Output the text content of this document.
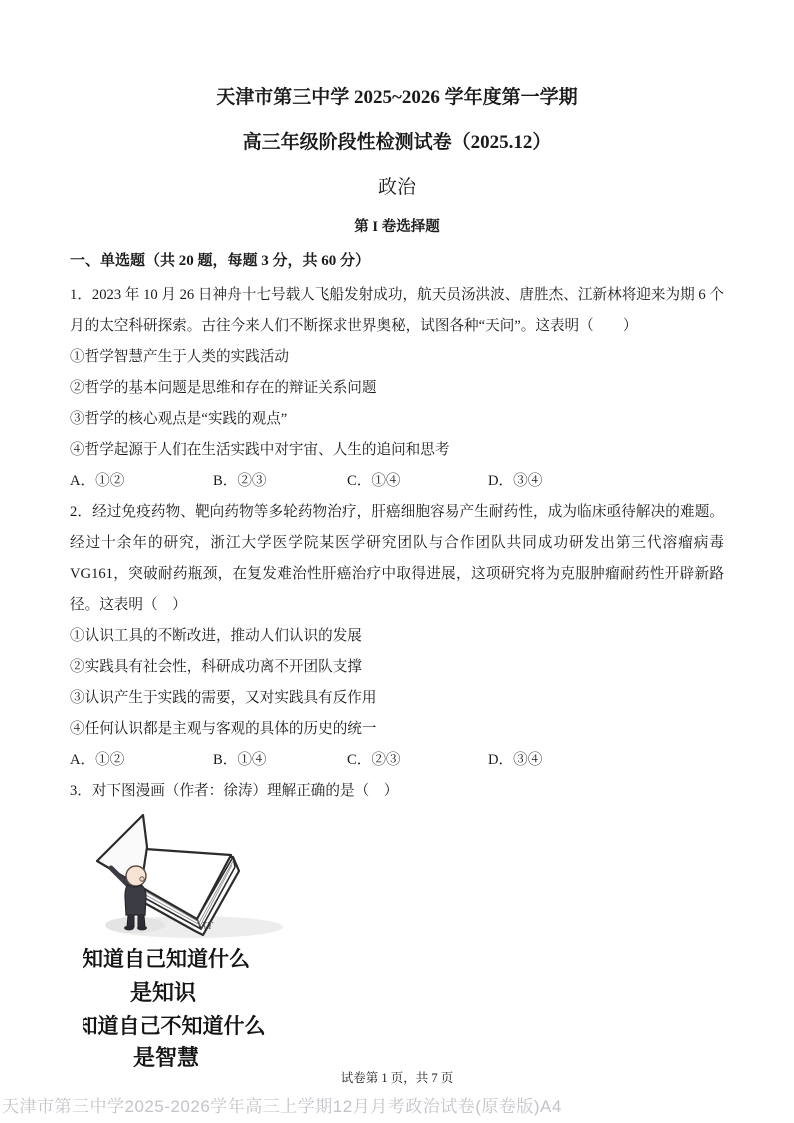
天津市第三中学 2025~2026 学年度第一学期
高三年级阶段性检测试卷（2025.12）
政治
第 I 卷选择题
一、单选题（共 20 题，每题 3 分，共 60 分）

1．2023 年 10 月 26 日神舟十七号载人飞船发射成功，航天员汤洪波、唐胜杰、江新林将迎来为期 6 个月的太空科研探索。古往今来人们不断探求世界奥秘，试图各种“天问”。这表明（　　）

①哲学智慧产生于人类的实践活动

②哲学的基本问题是思维和存在的辩证关系问题

③哲学的核心观点是“实践的观点”

④哲学起源于人们在生活实践中对宇宙、人生的追问和思考

A．①②	B．②③	C．①④	D．③④

2．经过免疫药物、靶向药物等多轮药物治疗，肝癌细胞容易产生耐药性，成为临床亟待解决的难题。经过十余年的研究，浙江大学医学院某医学研究团队与合作团队共同成功研发出第三代溶瘤病毒 VG161，突破耐药瓶颈，在复发难治性肝癌治疗中取得进展，这项研究将为克服肿瘤耐药性开辟新路径。这表明（　）

①认识工具的不断改进，推动人们认识的发展

②实践具有社会性，科研成功离不开团队支撑

③认识产生于实践的需要，又对实践具有反作用

④任何认识都是主观与客观的具体的历史的统一

A．①②	B．①④	C．②③	D．③④

3．对下图漫画（作者：徐涛）理解正确的是（　）

XT
知道自己知道什么
是知识
知道自己不知道什么
是智慧
试卷第 1 页，共 7 页
天津市第三中学2025-2026学年高三上学期12月月考政治试卷(原卷版)A4
